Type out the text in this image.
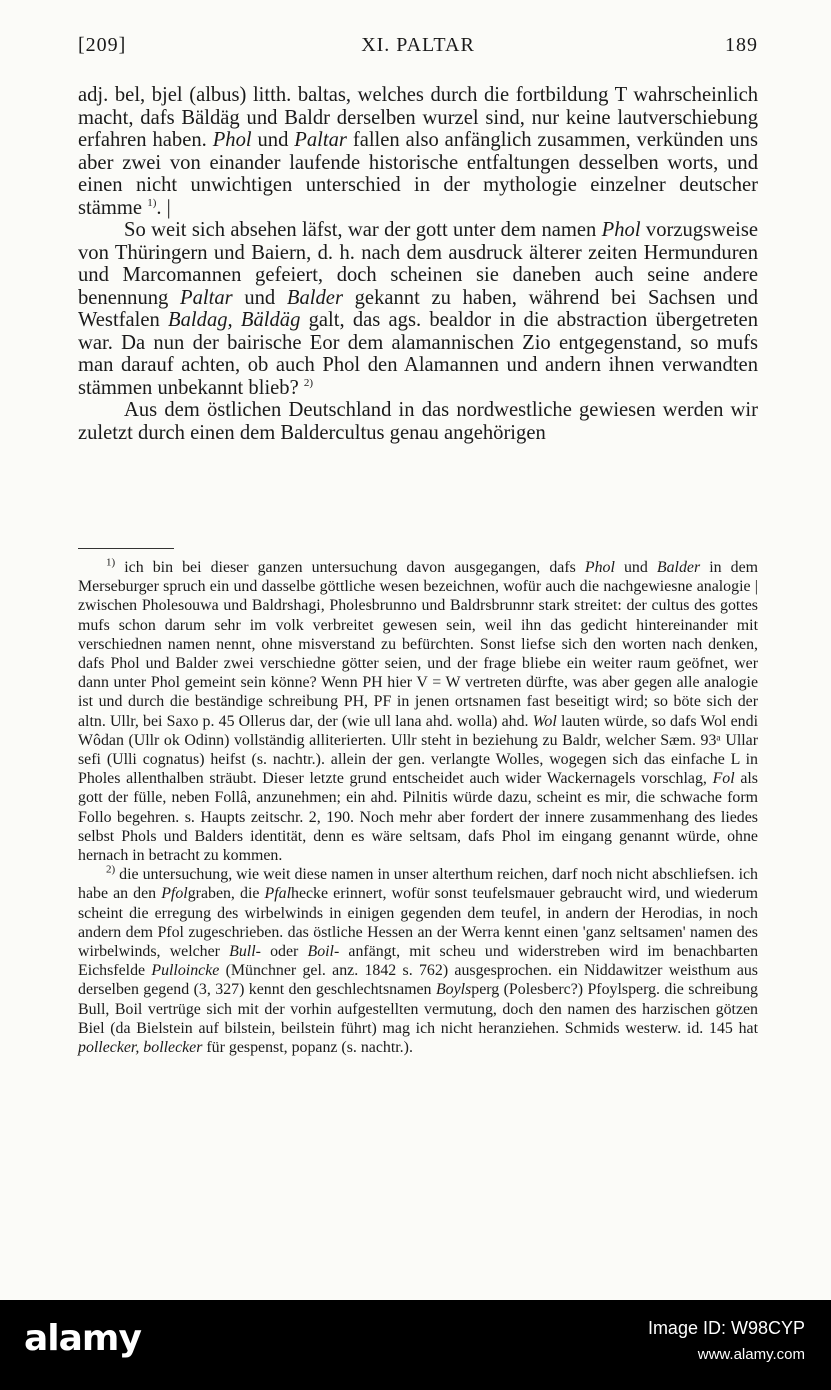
[209]	XI. PALTAR	189

adj. bel, bjel (albus) litth. baltas, welches durch die fortbildung T wahrscheinlich macht, dafs Bäldäg und Baldr derselben wurzel sind, nur keine lautverschiebung erfahren haben. Phol und Paltar fallen also anfänglich zusammen, verkünden uns aber zwei von einander laufende historische entfaltungen desselben worts, und einen nicht unwichtigen unterschied in der mythologie einzelner deutscher stämme $^{1)}$. |

So weit sich absehen läfst, war der gott unter dem namen Phol vorzugsweise von Thüringern und Baiern, d. h. nach dem ausdruck älterer zeiten Hermunduren und Marcomannen gefeiert, doch scheinen sie daneben auch seine andere benennung Paltar und Balder gekannt zu haben, während bei Sachsen und Westfalen Baldag, Bäldäg galt, das ags. bealdor in die abstraction übergetreten war. Da nun der bairische Eor dem alamannischen Zio entgegenstand, so mufs man darauf achten, ob auch Phol den Alamannen und andern ihnen verwandten stämmen unbekannt blieb? $^{2)}$

Aus dem östlichen Deutschland in das nordwestliche gewiesen werden wir zuletzt durch einen dem Baldercultus genau angehörigen

$^{1)}$ ich bin bei dieser ganzen untersuchung davon ausgegangen, dafs Phol und Balder in dem Merseburger spruch ein und dasselbe göttliche wesen bezeichnen, wofür auch die nachgewiesne analogie | zwischen Pholesouwa und Baldrshagi, Pholesbrunno und Baldrsbrunnr stark streitet: der cultus des gottes mufs schon darum sehr im volk verbreitet gewesen sein, weil ihn das gedicht hintereinander mit verschiednen namen nennt, ohne misverstand zu befürchten. Sonst liefse sich den worten nach denken, dafs Phol und Balder zwei verschiedne götter seien, und der frage bliebe ein weiter raum geöfnet, wer dann unter Phol gemeint sein könne? Wenn PH hier V = W vertreten dürfte, was aber gegen alle analogie ist und durch die beständige schreibung PH, PF in jenen ortsnamen fast beseitigt wird; so böte sich der altn. Ullr, bei Saxo p. 45 Ollerus dar, der (wie ull lana ahd. wolla) ahd. Wol lauten würde, so dafs Wol endi Wôdan (Ullr ok Odinn) vollständig alliterierten. Ullr steht in beziehung zu Baldr, welcher Sæm. 93ᵃ Ullar sefi (Ulli cognatus) heifst (s. nachtr.). allein der gen. verlangte Wolles, wogegen sich das einfache L in Pholes allenthalben sträubt. Dieser letzte grund entscheidet auch wider Wackernagels vorschlag, Fol als gott der fülle, neben Follâ, anzunehmen; ein ahd. Pilnitis würde dazu, scheint es mir, die schwache form Follo begehren. s. Haupts zeitschr. 2, 190. Noch mehr aber fordert der innere zusammenhang des liedes selbst Phols und Balders identität, denn es wäre seltsam, dafs Phol im eingang genannt würde, ohne hernach in betracht zu kommen.

$^{2)}$ die untersuchung, wie weit diese namen in unser alterthum reichen, darf noch nicht abschliefsen. ich habe an den Pfolgraben, die Pfalhecke erinnert, wofür sonst teufelsmauer gebraucht wird, und wiederum scheint die erregung des wirbelwinds in einigen gegenden dem teufel, in andern der Herodias, in noch andern dem Pfol zugeschrieben. das östliche Hessen an der Werra kennt einen 'ganz seltsamen' namen des wirbelwinds, welcher Bull- oder Boil- anfängt, mit scheu und widerstreben wird im benachbarten Eichsfelde Pulloincke (Münchner gel. anz. 1842 s. 762) ausgesprochen. ein Niddawitzer weisthum aus derselben gegend (3, 327) kennt den geschlechtsnamen Boylsperg (Polesberc?) Pfoylsperg. die schreibung Bull, Boil vertrüge sich mit der vorhin aufgestellten vermutung, doch den namen des harzischen götzen Biel (da Bielstein auf bilstein, beilstein führt) mag ich nicht heranziehen. Schmids westerw. id. 145 hat pollecker, bollecker für gespenst, popanz (s. nachtr.).

alamy	Image ID: W98CYP
www.alamy.com
